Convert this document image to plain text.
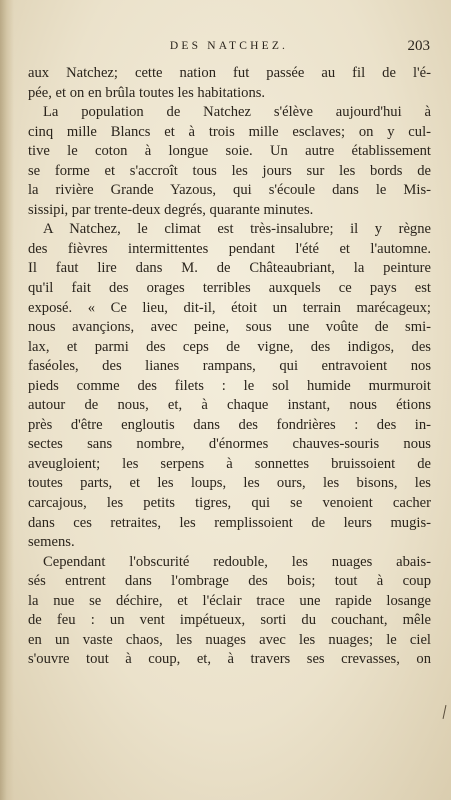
DES NATCHEZ.	203
aux Natchez; cette nation fut passée au fil de l'é-
pée, et on en brûla toutes les habitations.
La population de Natchez s'élève aujourd'hui à
cinq mille Blancs et à trois mille esclaves; on y cul-
tive le coton à longue soie. Un autre établissement
se forme et s'accroît tous les jours sur les bords de
la rivière Grande Yazous, qui s'écoule dans le Mis-
sissipi, par trente-deux degrés, quarante minutes.
A Natchez, le climat est très-insalubre; il y règne
des fièvres intermittentes pendant l'été et l'automne.
Il faut lire dans M. de Châteaubriant, la peinture
qu'il fait des orages terribles auxquels ce pays est
exposé. « Ce lieu, dit-il, étoit un terrain marécageux;
nous avançions, avec peine, sous une voûte de smi-
lax, et parmi des ceps de vigne, des indigos, des
faséoles, des lianes rampans, qui entravoient nos
pieds comme des filets : le sol humide murmuroit
autour de nous, et, à chaque instant, nous étions
près d'être engloutis dans des fondrières : des in-
sectes sans nombre, d'énormes chauves-souris nous
aveugloient; les serpens à sonnettes bruissoient de
toutes parts, et les loups, les ours, les bisons, les
carcajous, les petits tigres, qui se venoient cacher
dans ces retraites, les remplissoient de leurs mugis-
semens.
Cependant l'obscurité redouble, les nuages abais-
sés entrent dans l'ombrage des bois; tout à coup
la nue se déchire, et l'éclair trace une rapide losange
de feu : un vent impétueux, sorti du couchant, mêle
en un vaste chaos, les nuages avec les nuages; le ciel
s'ouvre tout à coup, et, à travers ses crevasses, on
